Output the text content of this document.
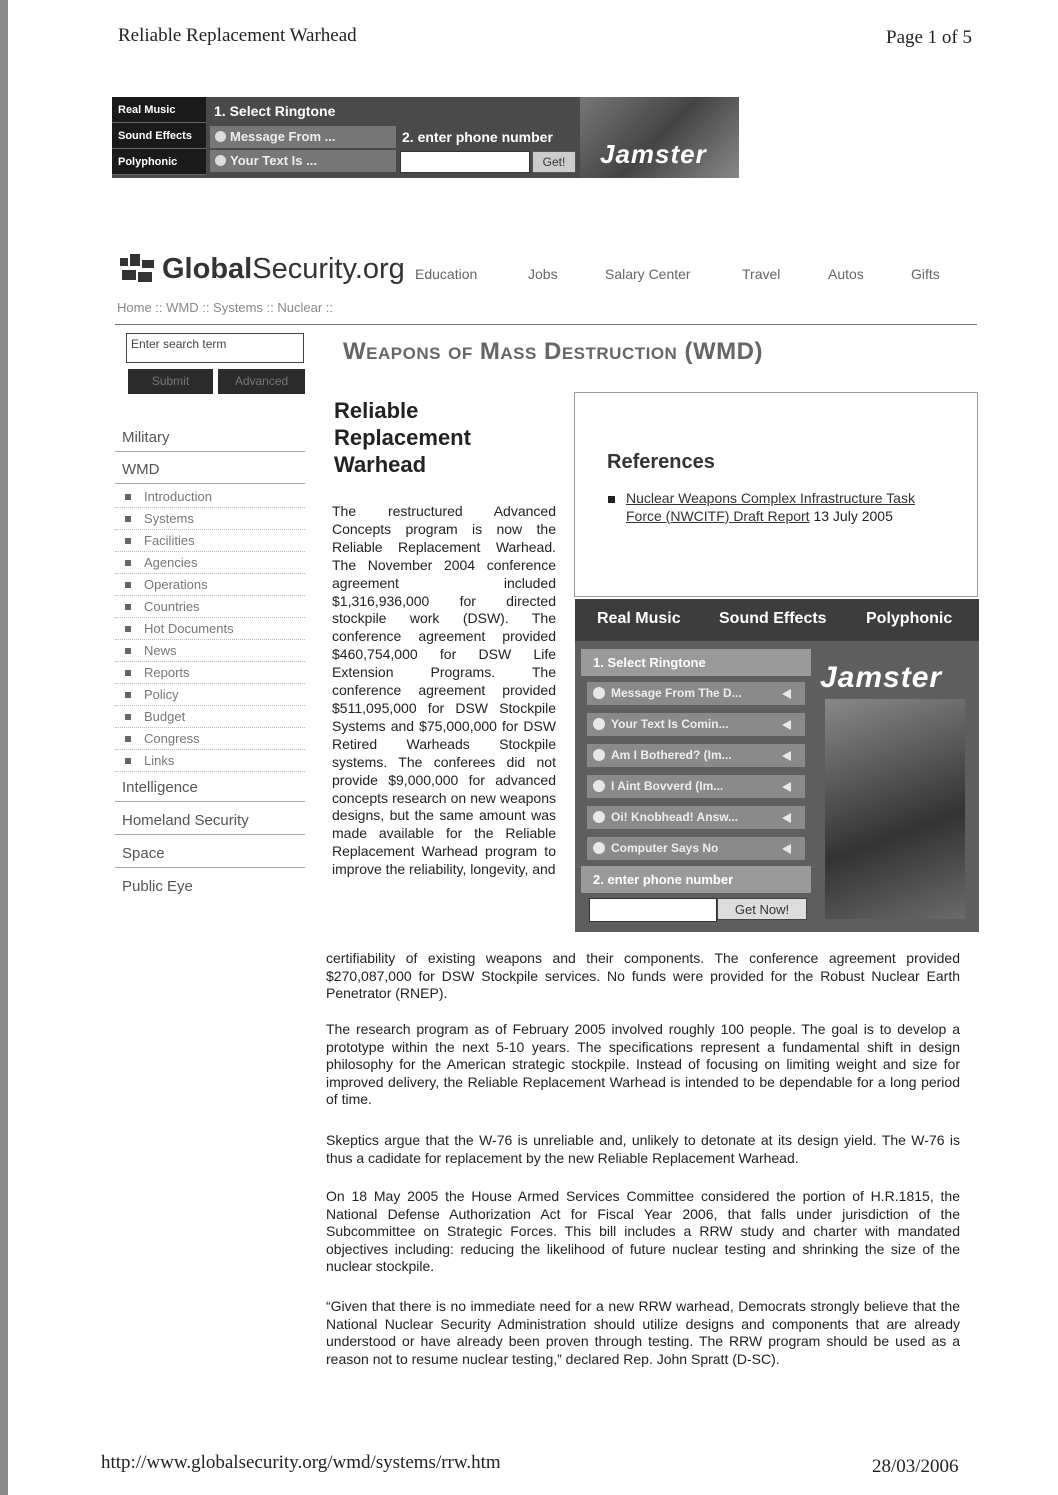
Reliable Replacement Warhead	Page 1 of 5
Real Music
Sound Effects
Polyphonic
1. Select Ringtone
Message From ...
Your Text Is ...
2. enter phone number
Get!	Jamster
GlobalSecurity.org Education	Jobs	Salary Center	Travel	Autos	Gifts
Home :: WMD :: Systems :: Nuclear ::
Enter search term
Submit	Advanced
Military
WMD
Introduction
Systems
Facilities
Agencies
Operations
Countries
Hot Documents
News
Reports
Policy
Budget
Congress
Links
Intelligence
Homeland Security
Space
Public Eye
Weapons of Mass Destruction (WMD)
Reliable Replacement Warhead
The restructured Advanced Concepts program is now the Reliable Replacement Warhead. The November 2004 conference agreement included $1,316,936,000 for directed stockpile work (DSW). The conference agreement provided $460,754,000 for DSW Life Extension Programs. The conference agreement provided $511,095,000 for DSW Stockpile Systems and $75,000,000 for DSW Retired Warheads Stockpile systems. The conferees did not provide $9,000,000 for advanced concepts research on new weapons designs, but the same amount was made available for the Reliable Replacement Warhead program to improve the reliability, longevity, and
References
Nuclear Weapons Complex Infrastructure Task Force (NWCITF) Draft Report 13 July 2005
Real Music Sound Effects Polyphonic
1. Select Ringtone
Message From The D...
Your Text Is Comin...
Am I Bothered? (Im...
I Aint Bovverd (Im...
Oi! Knobhead! Answ...
Computer Says No
2. enter phone number
Jamster
Get Now!
certifiability of existing weapons and their components. The conference agreement provided $270,087,000 for DSW Stockpile services. No funds were provided for the Robust Nuclear Earth Penetrator (RNEP).
The research program as of February 2005 involved roughly 100 people. The goal is to develop a prototype within the next 5-10 years. The specifications represent a fundamental shift in design philosophy for the American strategic stockpile. Instead of focusing on limiting weight and size for improved delivery, the Reliable Replacement Warhead is intended to be dependable for a long period of time.
Skeptics argue that the W-76 is unreliable and, unlikely to detonate at its design yield. The W-76 is thus a cadidate for replacement by the new Reliable Replacement Warhead.
On 18 May 2005 the House Armed Services Committee considered the portion of H.R.1815, the National Defense Authorization Act for Fiscal Year 2006, that falls under jurisdiction of the Subcommittee on Strategic Forces. This bill includes a RRW study and charter with mandated objectives including: reducing the likelihood of future nuclear testing and shrinking the size of the nuclear stockpile.
“Given that there is no immediate need for a new RRW warhead, Democrats strongly believe that the National Nuclear Security Administration should utilize designs and components that are already understood or have already been proven through testing. The RRW program should be used as a reason not to resume nuclear testing,” declared Rep. John Spratt (D-SC).
http://www.globalsecurity.org/wmd/systems/rrw.htm	28/03/2006
